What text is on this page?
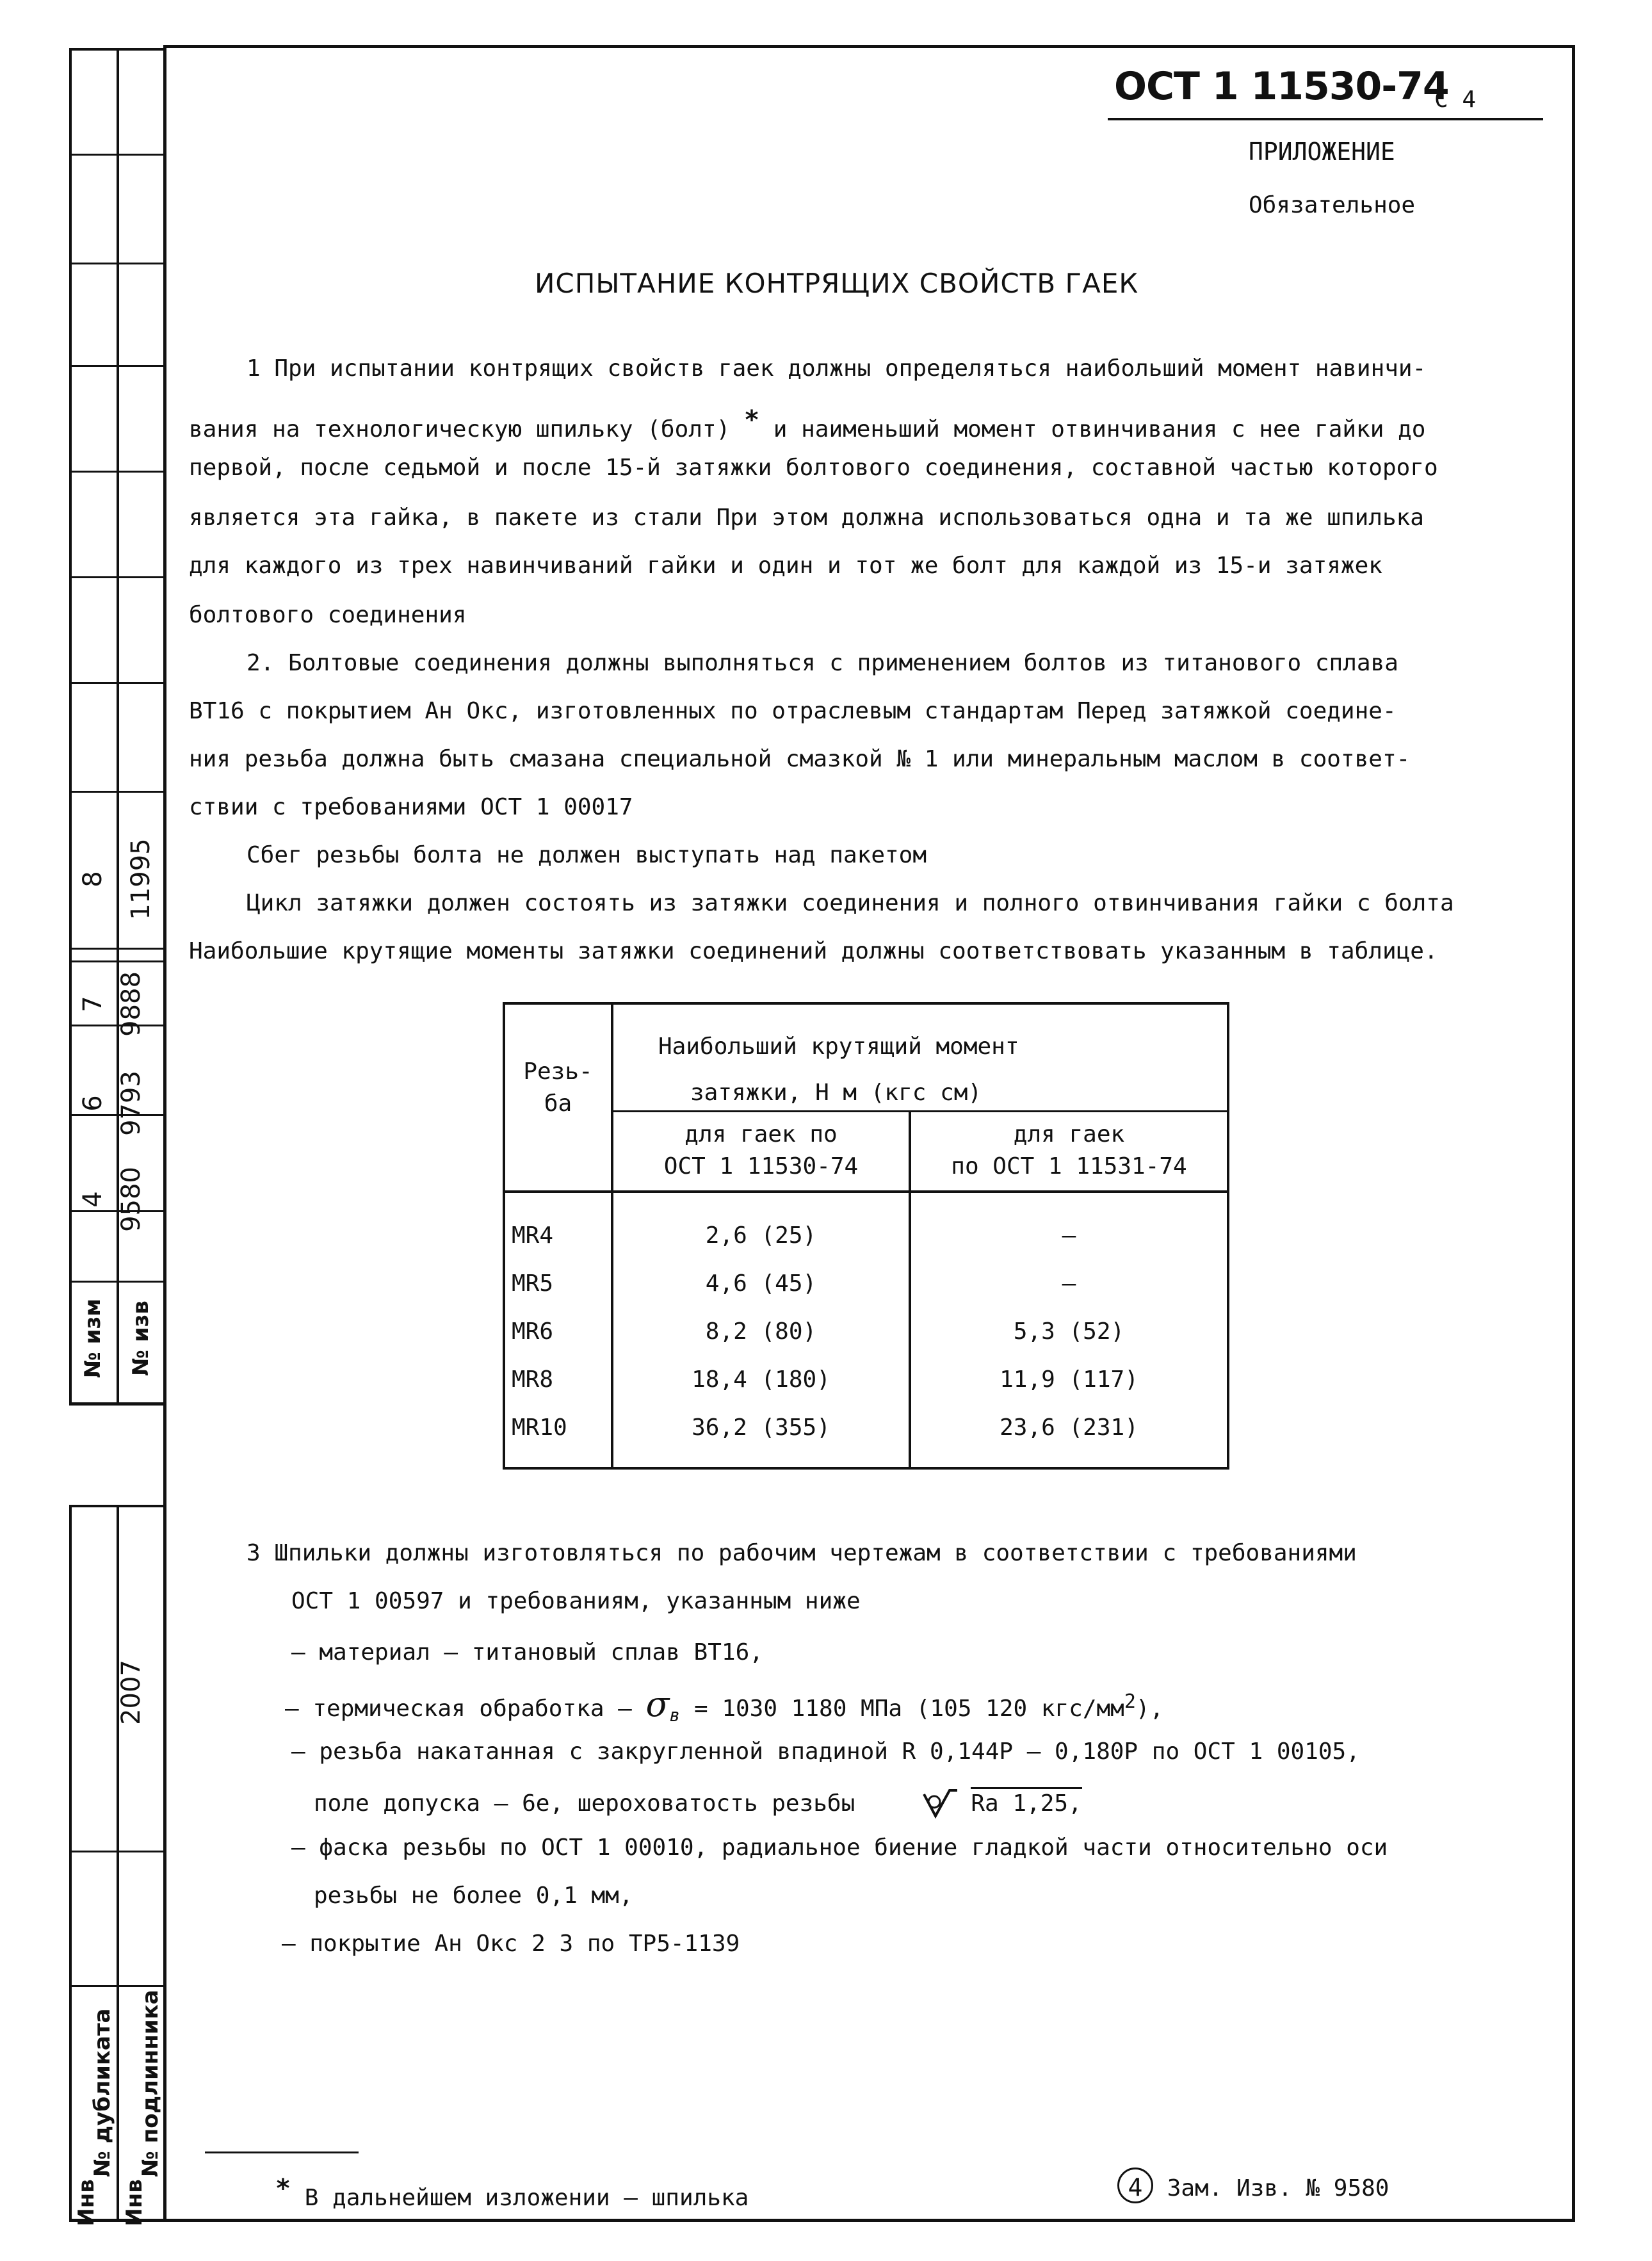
8 11995
7 9888
6 9793
4 9580
№ изм № изв
2007
№ дубликата № подлинника
Инв Инв
ОСТ 1 11530-74
С 4
ПРИЛОЖЕНИЕ
Обязательное
ИСПЫТАНИЕ КОНТРЯЩИХ СВОЙСТВ ГАЕК
1 При испытании контрящих свойств гаек должны определяться наибольший момент навинчи-
вания на технологическую шпильку (болт) * и наименьший момент отвинчивания с нее гайки до
первой, после седьмой и после 15-й затяжки болтового соединения, составной частью которого
является эта гайка, в пакете из стали При этом должна использоваться одна и та же шпилька
для каждого из трех навинчиваний гайки и один и тот же болт для каждой из 15-и затяжек
болтового соединения
2. Болтовые соединения должны выполняться с применением болтов из титанового сплава
ВТ16 с покрытием Ан Окс, изготовленных по отраслевым стандартам Перед затяжкой соедине-
ния резьба должна быть смазана специальной смазкой № 1 или минеральным маслом в соответ-
ствии с требованиями ОСТ 1 00017
Сбег резьбы болта не должен выступать над пакетом
Цикл затяжки должен состоять из затяжки соединения и полного отвинчивания гайки с болта
Наибольшие крутящие моменты затяжки соединений должны соответствовать указанным в таблице.
Резь-
ба
Наибольший крутящий момент
затяжки, Н м (кгс см)
для гаек по
ОСТ 1 11530-74
для гаек
по ОСТ 1 11531-74
MR4	2,6 (25)	–
MR5	4,6 (45)	–
MR6	8,2 (80)	5,3 (52)
MR8	18,4 (180)	11,9 (117)
MR10	36,2 (355)	23,6 (231)
3 Шпильки должны изготовляться по рабочим чертежам в соответствии с требованиями
ОСТ 1 00597 и требованиям, указанным ниже
– материал – титановый сплав ВТ16,
– термическая обработка – $\sigma_в = 1030$ 1180 МПа (105 120 кгс/$мм^2$),
– резьба накатанная с закругленной впадиной R 0,144Р – 0,180Р по ОСТ 1 00105,
поле допуска – 6е, шероховатость резьбы	Ra 1,25,
– фаска резьбы по ОСТ 1 00010, радиальное биение гладкой части относительно оси
резьбы не более 0,1 мм,
– покрытие Ан Окс 2 3 по ТР5-1139
* В дальнейшем изложении – шпилька	4 Зам. Изв. № 9580
